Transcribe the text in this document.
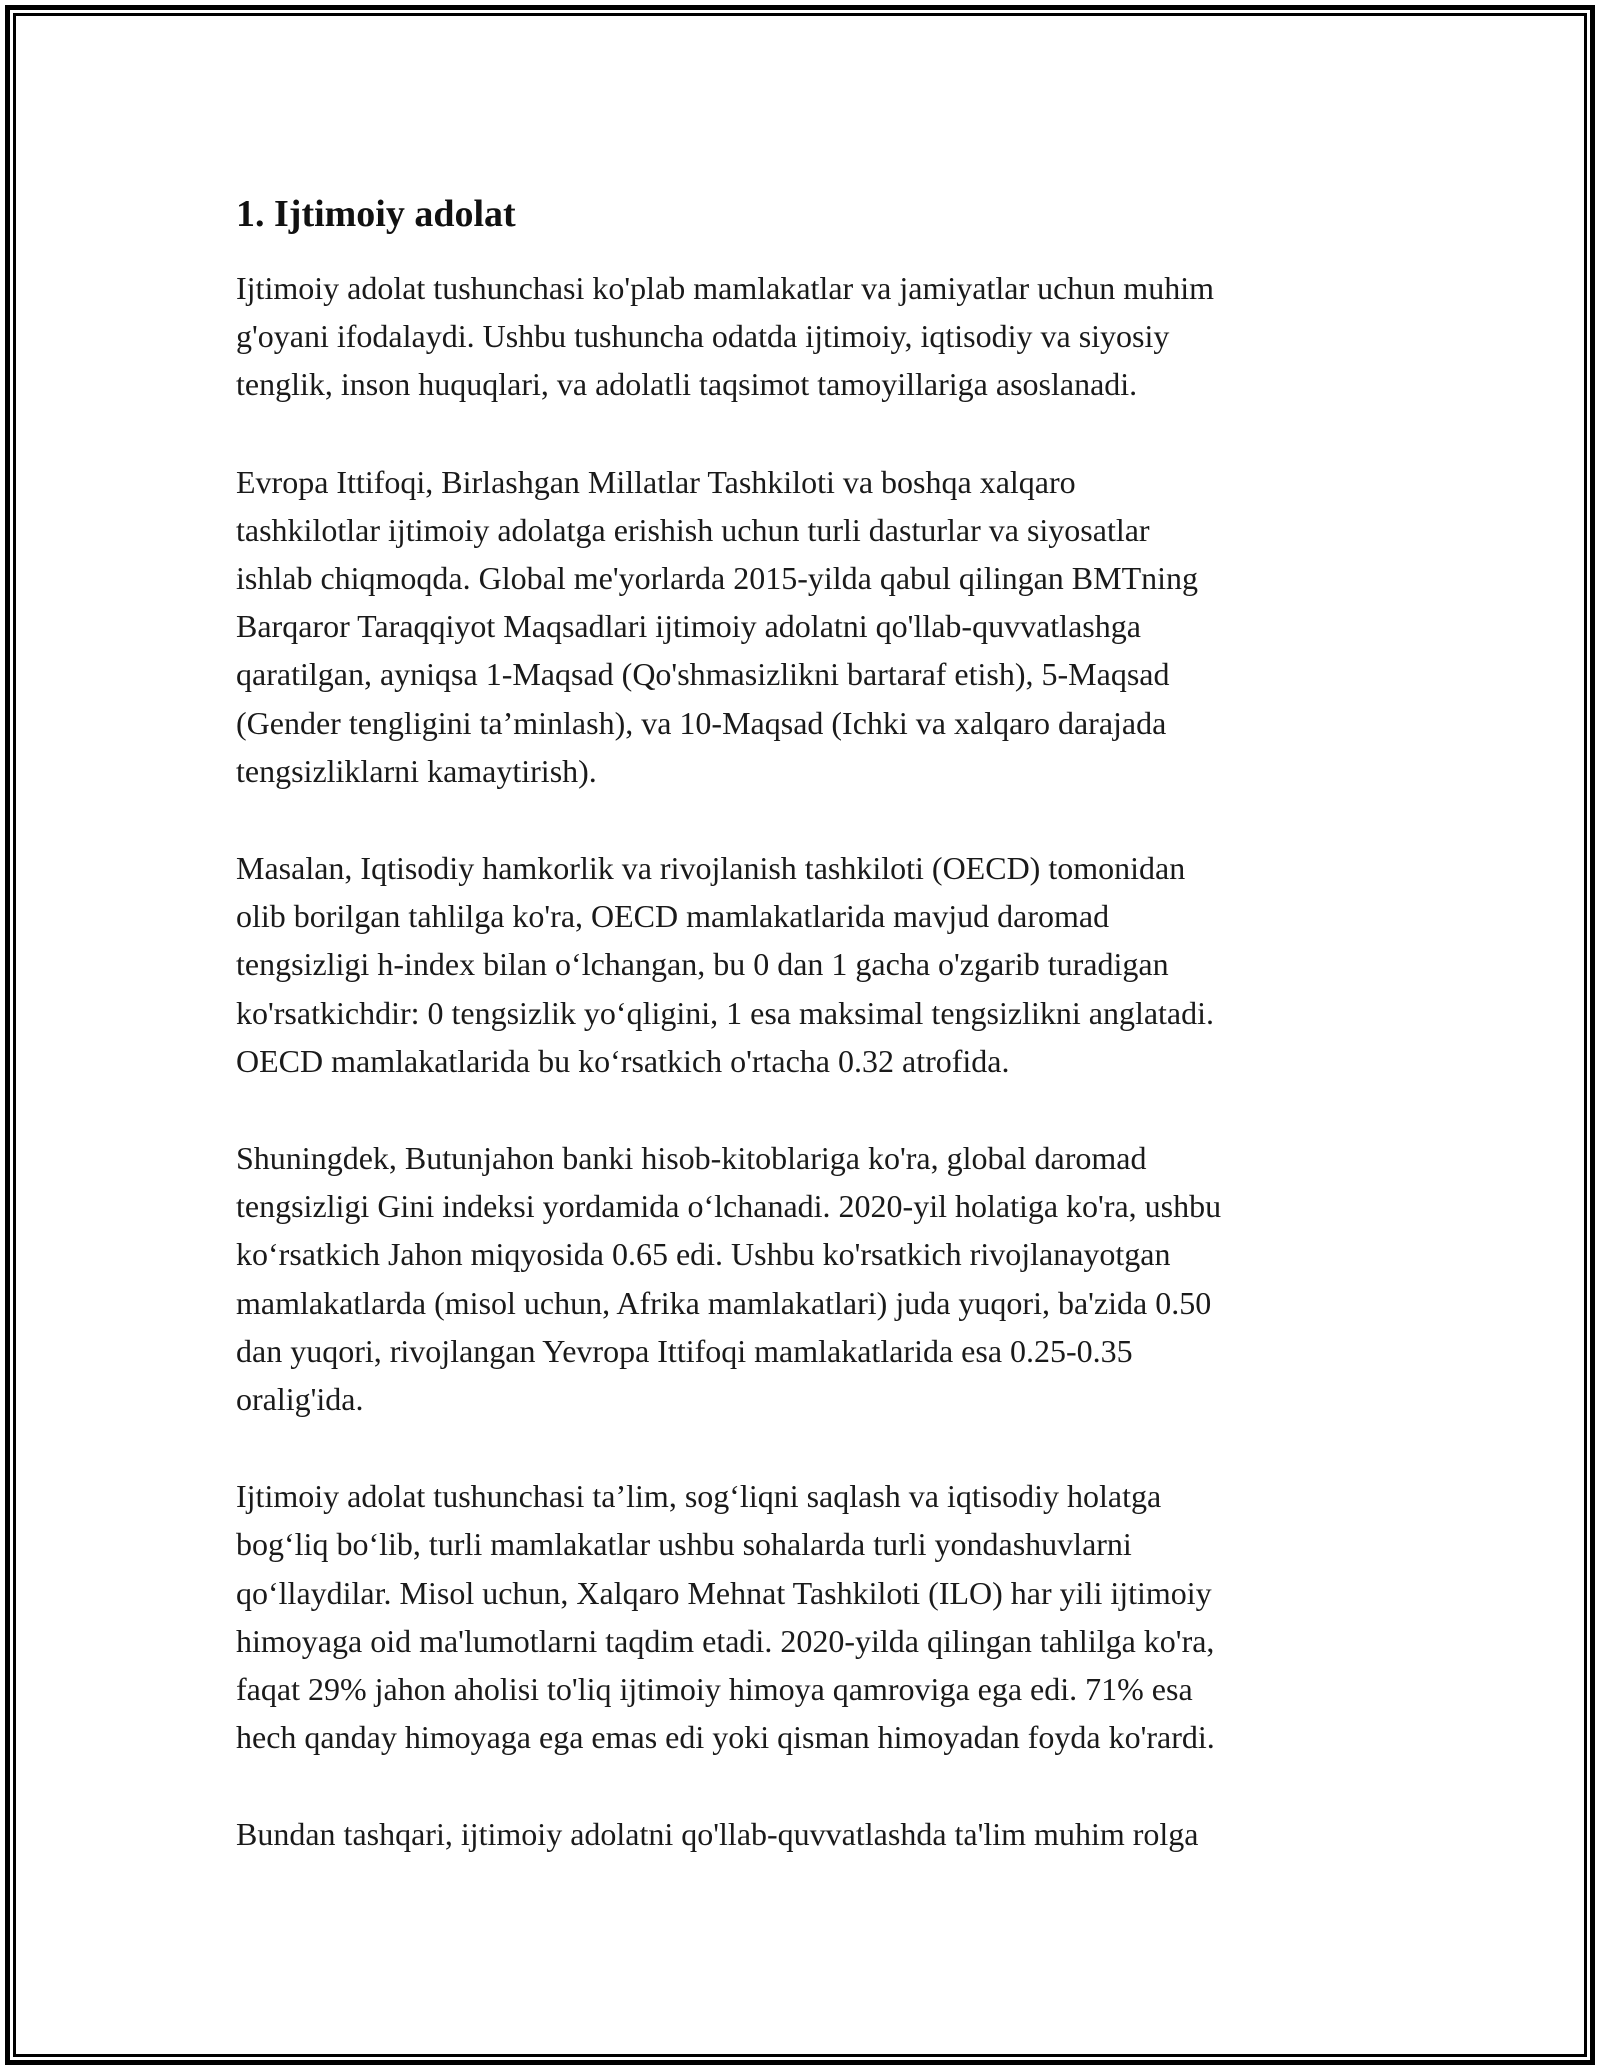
1. Ijtimoiy adolat

Ijtimoiy adolat tushunchasi ko'plab mamlakatlar va jamiyatlar uchun muhim
g'oyani ifodalaydi. Ushbu tushuncha odatda ijtimoiy, iqtisodiy va siyosiy
tenglik, inson huquqlari, va adolatli taqsimot tamoyillariga asoslanadi.

Evropa Ittifoqi, Birlashgan Millatlar Tashkiloti va boshqa xalqaro
tashkilotlar ijtimoiy adolatga erishish uchun turli dasturlar va siyosatlar
ishlab chiqmoqda. Global me'yorlarda 2015-yilda qabul qilingan BMTning
Barqaror Taraqqiyot Maqsadlari ijtimoiy adolatni qo'llab-quvvatlashga
qaratilgan, ayniqsa 1-Maqsad (Qo'shmasizlikni bartaraf etish), 5-Maqsad
(Gender tengligini ta’minlash), va 10-Maqsad (Ichki va xalqaro darajada
tengsizliklarni kamaytirish).

Masalan, Iqtisodiy hamkorlik va rivojlanish tashkiloti (OECD) tomonidan
olib borilgan tahlilga ko'ra, OECD mamlakatlarida mavjud daromad
tengsizligi h-index bilan o‘lchangan, bu 0 dan 1 gacha o'zgarib turadigan
ko'rsatkichdir: 0 tengsizlik yo‘qligini, 1 esa maksimal tengsizlikni anglatadi.
OECD mamlakatlarida bu ko‘rsatkich o'rtacha 0.32 atrofida.

Shuningdek, Butunjahon banki hisob-kitoblariga ko'ra, global daromad
tengsizligi Gini indeksi yordamida o‘lchanadi. 2020-yil holatiga ko'ra, ushbu
ko‘rsatkich Jahon miqyosida 0.65 edi. Ushbu ko'rsatkich rivojlanayotgan
mamlakatlarda (misol uchun, Afrika mamlakatlari) juda yuqori, ba'zida 0.50
dan yuqori, rivojlangan Yevropa Ittifoqi mamlakatlarida esa 0.25-0.35
oralig'ida.

Ijtimoiy adolat tushunchasi ta’lim, sog‘liqni saqlash va iqtisodiy holatga
bog‘liq bo‘lib, turli mamlakatlar ushbu sohalarda turli yondashuvlarni
qo‘llaydilar. Misol uchun, Xalqaro Mehnat Tashkiloti (ILO) har yili ijtimoiy
himoyaga oid ma'lumotlarni taqdim etadi. 2020-yilda qilingan tahlilga ko'ra,
faqat 29% jahon aholisi to'liq ijtimoiy himoya qamroviga ega edi. 71% esa
hech qanday himoyaga ega emas edi yoki qisman himoyadan foyda ko'rardi.

Bundan tashqari, ijtimoiy adolatni qo'llab-quvvatlashda ta'lim muhim rolga
